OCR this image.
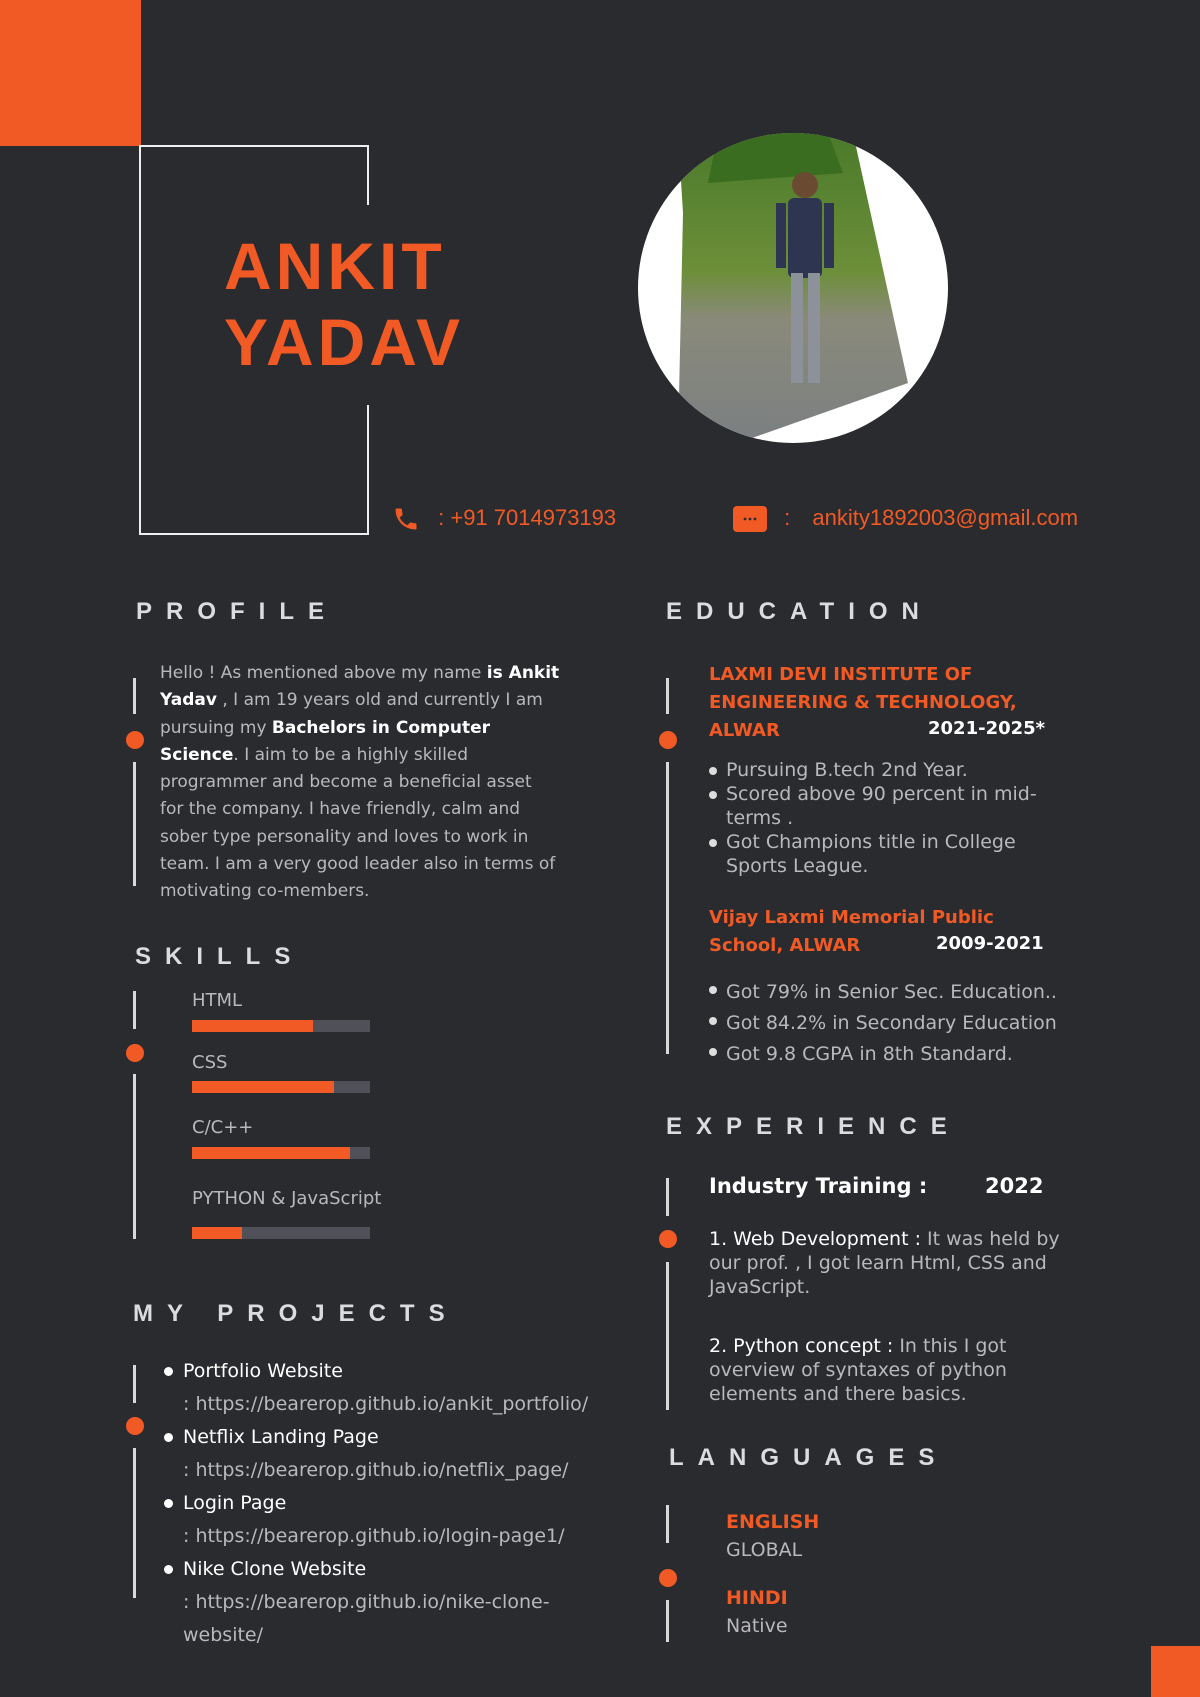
ANKIT
YADAV
: +91 7014973193	: ankity1892003@gmail.com
PROFILE
Hello ! As mentioned above my name is Ankit Yadav , I am 19 years old and currently I am pursuing my Bachelors in Computer Science. I aim to be a highly skilled programmer and become a beneficial asset for the company. I have friendly, calm and sober type personality and loves to work in team. I am a very good leader also in terms of motivating co-members.
SKILLS
HTML
CSS
C/C++
PYTHON & JavaScript
MY PROJECTS
Portfolio Website
: https://bearerop.github.io/ankit_portfolio/
Netflix Landing Page
: https://bearerop.github.io/netflix_page/
Login Page
: https://bearerop.github.io/login-page1/
Nike Clone Website
: https://bearerop.github.io/nike-clone-website/
EDUCATION
LAXMI DEVI INSTITUTE OF
ENGINEERING & TECHNOLOGY,
ALWAR	2021-2025*
Pursuing B.tech 2nd Year.
Scored above 90 percent in mid-terms .
Got Champions title in College Sports League.
Vijay Laxmi Memorial Public
School, ALWAR	2009-2021
Got 79% in Senior Sec. Education..
Got 84.2% in Secondary Education
Got 9.8 CGPA in 8th Standard.
EXPERIENCE
Industry Training :	2022
1. Web Development : It was held by our prof. , I got learn Html, CSS and JavaScript.
2. Python concept : In this I got overview of syntaxes of python elements and there basics.
LANGUAGES
ENGLISH
GLOBAL
HINDI
Native
